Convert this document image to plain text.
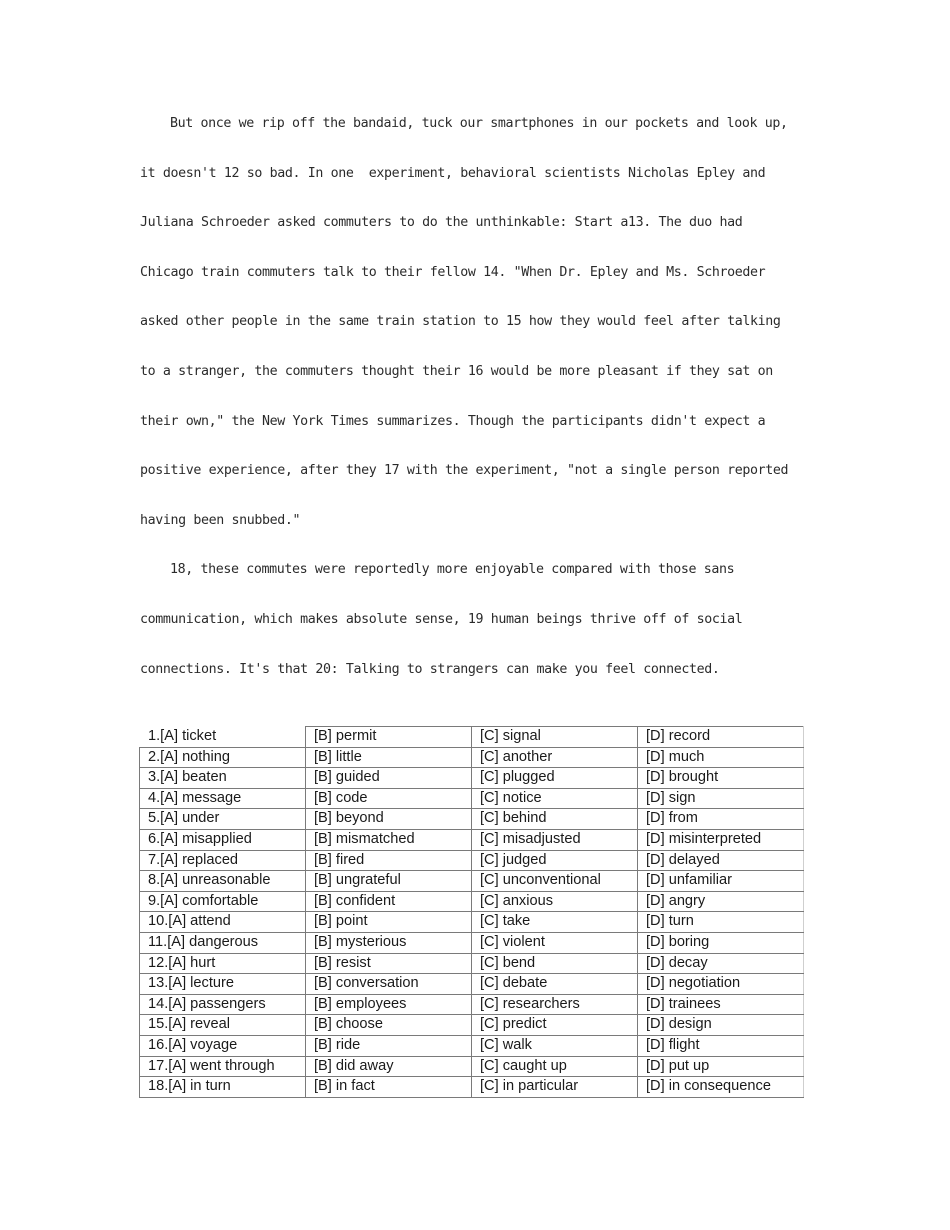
But once we rip off the bandaid, tuck our smartphones in our pockets and look up,
it doesn't 12 so bad. In one  experiment, behavioral scientists Nicholas Epley and
Juliana Schroeder asked commuters to do the unthinkable: Start a13. The duo had
Chicago train commuters talk to their fellow 14. "When Dr. Epley and Ms. Schroeder
asked other people in the same train station to 15 how they would feel after talking
to a stranger, the commuters thought their 16 would be more pleasant if they sat on
their own," the New York Times summarizes. Though the participants didn't expect a
positive experience, after they 17 with the experiment, "not a single person reported
having been snubbed."
18, these commutes were reportedly more enjoyable compared with those sans
communication, which makes absolute sense, 19 human beings thrive off of social
connections. It's that 20: Talking to strangers can make you feel connected.
1.[A] ticket	[B] permit	[C] signal	[D] record
2.[A] nothing	[B] little	[C] another	[D] much
3.[A] beaten	[B] guided	[C] plugged	[D] brought
4.[A] message	[B] code	[C] notice	[D] sign
5.[A] under	[B] beyond	[C] behind	[D] from
6.[A] misapplied	[B] mismatched	[C] misadjusted	[D] misinterpreted
7.[A] replaced	[B] fired	[C] judged	[D] delayed
8.[A] unreasonable	[B] ungrateful	[C] unconventional	[D] unfamiliar
9.[A] comfortable	[B] confident	[C] anxious	[D] angry
10.[A] attend	[B] point	[C] take	[D] turn
11.[A] dangerous	[B] mysterious	[C] violent	[D] boring
12.[A] hurt	[B] resist	[C] bend	[D] decay
13.[A] lecture	[B] conversation	[C] debate	[D] negotiation
14.[A] passengers	[B] employees	[C] researchers	[D] trainees
15.[A] reveal	[B] choose	[C] predict	[D] design
16.[A] voyage	[B] ride	[C] walk	[D] flight
17.[A] went through	[B] did away	[C] caught up	[D] put up
18.[A] in turn	[B] in fact	[C] in particular	[D] in consequence
